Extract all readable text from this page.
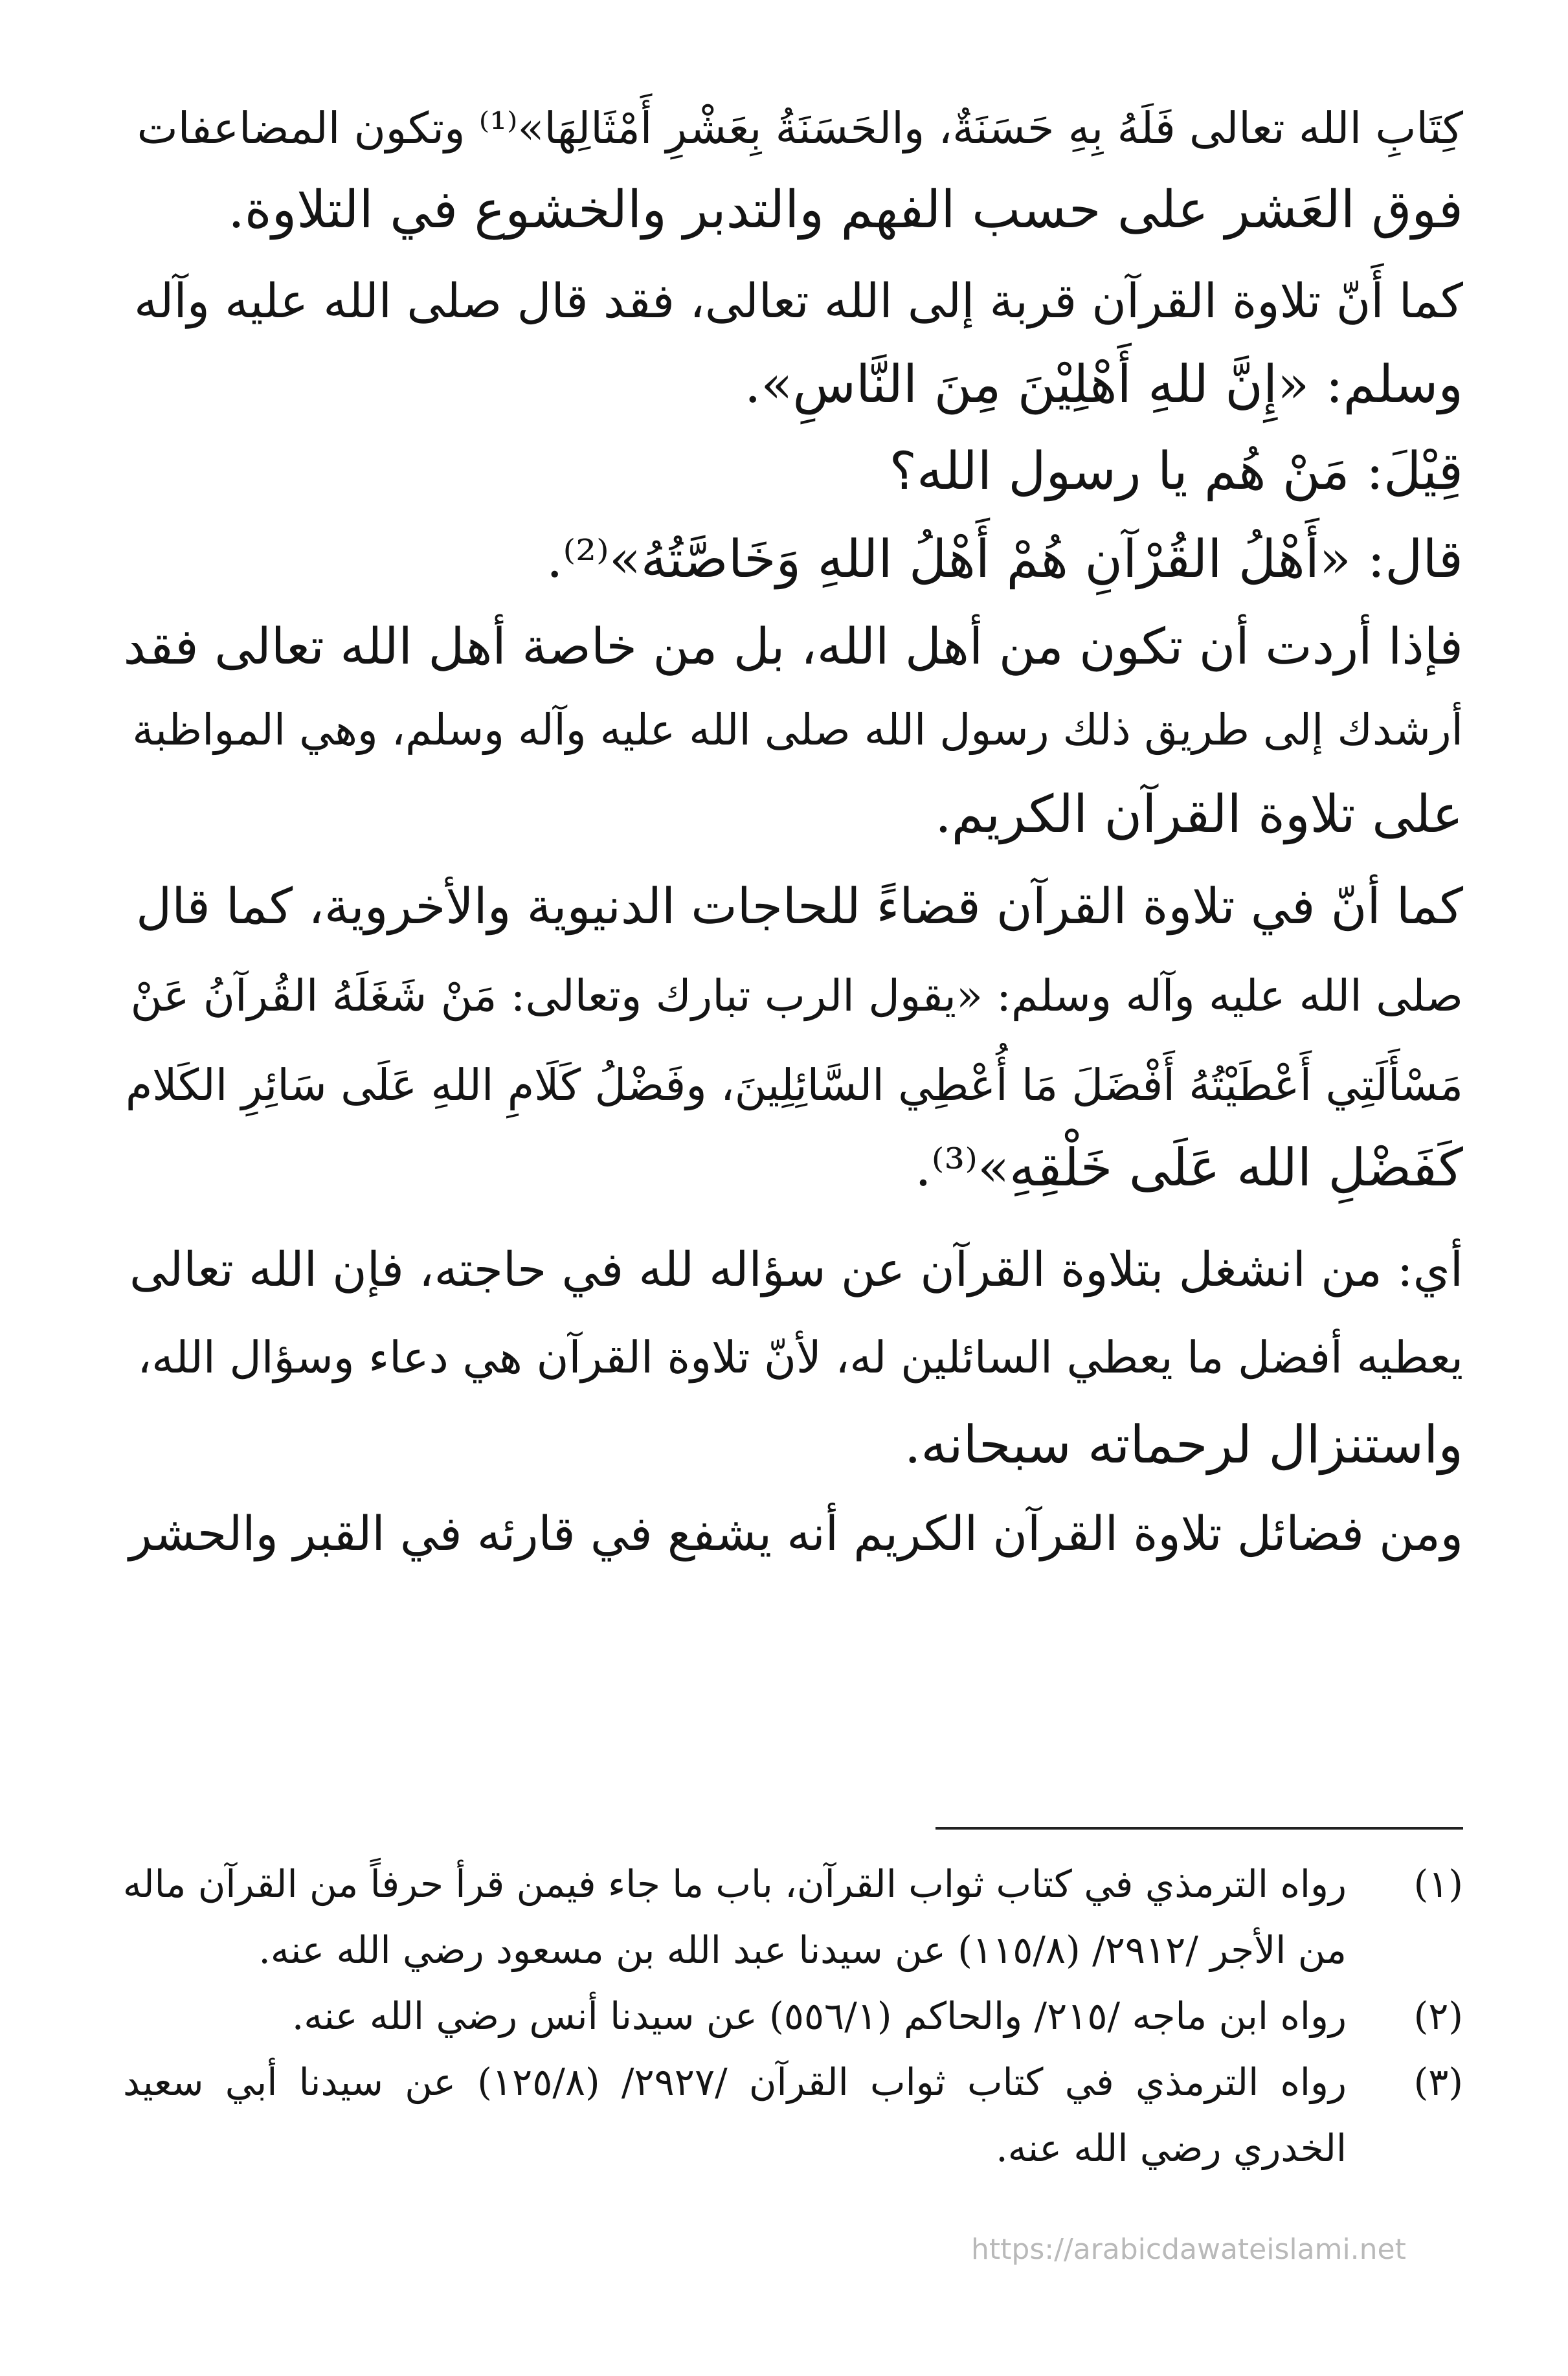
كِتَابِ الله تعالى فَلَهُ بِهِ حَسَنَةٌ، والحَسَنَةُ بِعَشْرِ أَمْثَالِهَا»⁽¹⁾ وتكون المضاعفات
فوق العَشر على حسب الفهم والتدبر والخشوع في التلاوة.
كما أَنّ تلاوة القرآن قربة إلى الله تعالى، فقد قال صلى الله عليه وآله
وسلم: «إِنَّ للهِ أَهْلِيْنَ مِنَ النَّاسِ».
قِيْلَ: مَنْ هُم يا رسول الله؟
قال: «أَهْلُ القُرْآنِ هُمْ أَهْلُ اللهِ وَخَاصَّتُهُ»⁽²⁾.
فإذا أردت أن تكون من أهل الله، بل من خاصة أهل الله تعالى فقد
أرشدك إلى طريق ذلك رسول الله صلى الله عليه وآله وسلم، وهي المواظبة
على تلاوة القرآن الكريم.
كما أنّ في تلاوة القرآن قضاءً للحاجات الدنيوية والأخروية، كما قال
صلى الله عليه وآله وسلم: «يقول الرب تبارك وتعالى: مَنْ شَغَلَهُ القُرآنُ عَنْ
مَسْأَلَتِي أَعْطَيْتُهُ أَفْضَلَ مَا أُعْطِي السَّائِلِينَ، وفَضْلُ كَلَامِ اللهِ عَلَى سَائِرِ الكَلام
كَفَضْلِ الله عَلَى خَلْقِهِ»⁽³⁾.
أي: من انشغل بتلاوة القرآن عن سؤاله لله في حاجته، فإن الله تعالى
يعطيه أفضل ما يعطي السائلين له، لأنّ تلاوة القرآن هي دعاء وسؤال الله،
واستنزال لرحماته سبحانه.
ومن فضائل تلاوة القرآن الكريم أنه يشفع في قارئه في القبر والحشر
(١)
رواه الترمذي في كتاب ثواب القرآن، باب ما جاء فيمن قرأ حرفاً من القرآن ماله
من الأجر /٢٩١٢/ (١١٥/٨) عن سيدنا عبد الله بن مسعود رضي الله عنه.
(٢)
رواه ابن ماجه /٢١٥/ والحاكم (٥٥٦/١) عن سيدنا أنس رضي الله عنه.
(٣)
رواه الترمذي في كتاب ثواب القرآن /٢٩٢٧/ (١٢٥/٨) عن سيدنا أبي سعيد
الخدري رضي الله عنه.
https://arabicdawateislami.net
